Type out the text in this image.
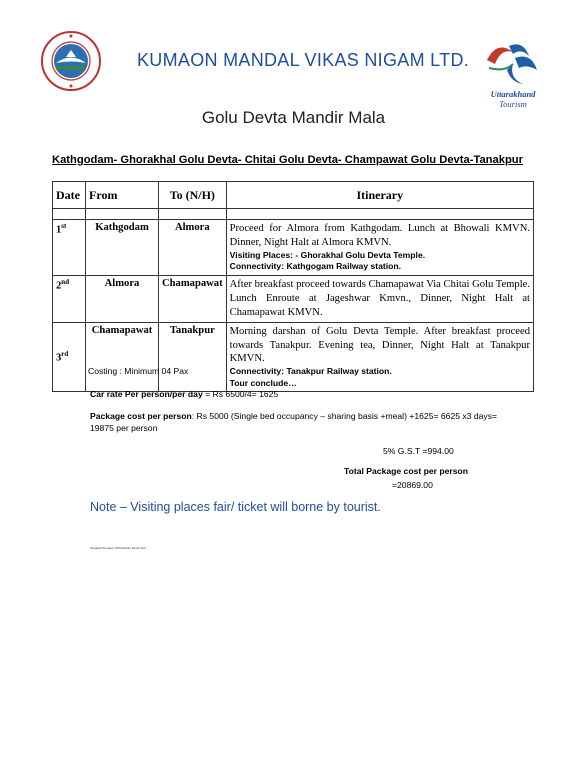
Uttarakhand
Tourism
KUMAON MANDAL VIKAS NIGAM LTD.
Golu Devta Mandir Mala
Kathgodam- Ghorakhal Golu Devta- Chitai Golu Devta- Champawat Golu Devta-Tanakpur
Date	From	To (N/H)	Itinerary

1st	Kathgodam	Almora	Proceed for Almora from Kathgodam. Lunch at Bhowali KMVN. Dinner, Night Halt at Almora KMVN.
Visiting Places: - Ghorakhal Golu Devta Temple.
Connectivity: Kathgogam Railway station.

2nd	Almora	Chamapawat	After breakfast proceed towards Chamapawat Via Chitai Golu Temple. Lunch Enroute at Jageshwar Kmvn., Dinner, Night Halt at Chamapawat KMVN.
3rd	Chamapawat	Tanakpur	Morning darshan of Golu Devta Temple. After breakfast proceed towards Tanakpur. Evening tea, Dinner, Night Halt at Tanakpur KMVN.
Connectivity: Tanakpur Railway station.
Tour conclude…
Costing : Minimum 04 Pax
Car rate Per person/per day = Rs 6500/4= 1625
Package cost per person: Rs 5000 (Single bed occupancy – sharing basis +meal) +1625= 6625 x3 days= 19875 per person
5% G.S.T =994.00
Total Package cost per person
=20869.00
Note – Visiting places fair/ ticket will borne by tourist.
Tanakpur/Kumaon KMVN/Golu Devta Tour
